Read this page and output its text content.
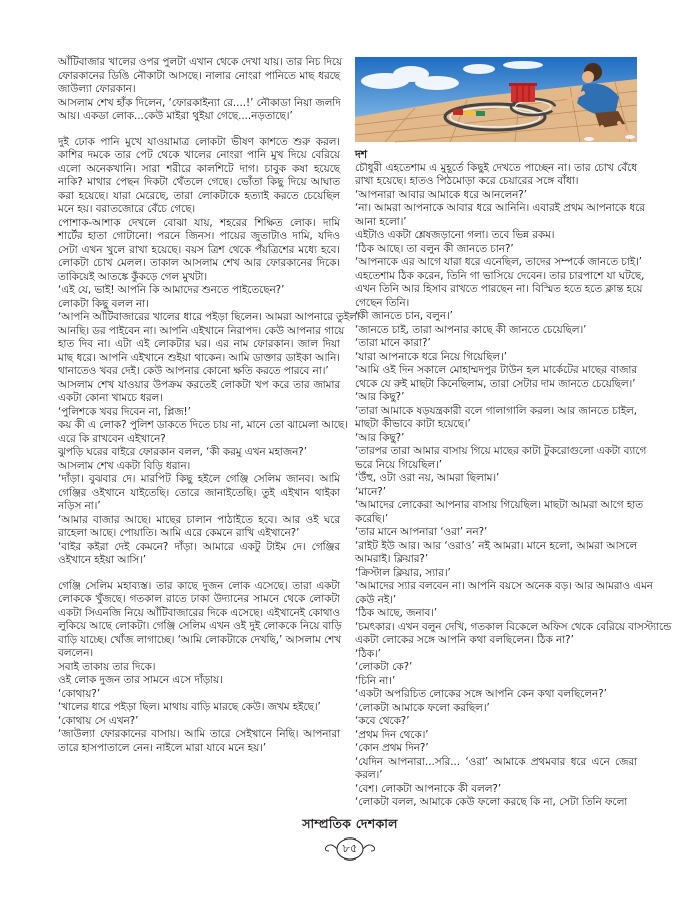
আঁটিবাজার খালের ওপর পুলটা এখান থেকে দেখা যায়। তার নিচ দিয়ে
ফোরকানের ডিঙি নৌকাটা আসছে। নালার নোংরা পানিতে মাছ ধরছে
জাউল্যা ফোরকান।
আসলাম শেখ হাঁক দিলেন, ‘ফোরকাইন্যা রে....!’ নৌকাডা নিয়া জলদি
আয়। একডা লোক...কেউ মাইরা থুইয়া গেছে....নড়তাছে।’
দুই ঢোক পানি মুখে যাওয়ামাত্র লোকটা ভীষণ কাশতে শুরু করল।
কাশির দমকে তার পেট থেকে খালের নোংরা পানি মুখ দিয়ে বেরিয়ে
এলো অনেকখানি। সারা শরীরে কালশিটে দাগ। চাবুক কষা হয়েছে
নাকি? মাথার পেছন দিকটা থেঁতলে গেছে। ভোঁতা কিছু দিয়ে আঘাত
করা হয়েছে। যারা মেরেছে, তারা লোকটাকে হত্যাই করতে চেয়েছিল
মনে হয়। বরাতজোরে বেঁচে গেছে।
পোশাক-আশাক দেখলে বোঝা যায়, শহরের শিক্ষিত লোক। দামি
শার্টের হাতা গোটানো। পরনে জিনস। পায়ের জুতাটাও দামি, যদিও
সেটা এখন খুলে রাখা হয়েছে। বয়স ত্রিশ থেকে পঁয়ত্রিশের মধ্যে হবে।
লোকটা চোখ মেলল। তাকাল আসলাম শেখ আর ফোরকানের দিকে।
তাকিয়েই আতঙ্কে কুঁকড়ে গেল মুখটা।
‘এই যে, ভাই! আপনি কি আমাদের শুনতে পাইতেছেন?’
লোকটা কিছু বলল না।
‘আপনি আঁটিবাজারের খালের ধারে পইড়া ছিলেন। আমরা আপনারে তুইলা
আনছি। ডর পাইবেন না। আপনি এইখানে নিরাপদ। কেউ আপনার গায়ে
হাত দিব না। এটা এই লোকটার ঘর। এর নাম ফোরকান। জাল দিয়া
মাছ ধরে। আপনি এইখানে শুইয়া থাকেন। আমি ডাক্তার ডাইকা আনি।
থানাতেও খবর দেই। কেউ আপনার কোনো ক্ষতি করতে পারবে না।’
আসলাম শেখ যাওয়ার উপক্রম করতেই লোকটা খপ করে তার জামার
একটা কোনা খামচে ধরল।
‘পুলিশকে খবর দিবেন না, প্লিজ!’
কয় কী এ লোক? পুলিশ ডাকতে দিতে চায় না, মানে তো ঝামেলা আছে।
এরে কি রাখবেন এইখানে?
ঝুপড়ি ঘরের বাইরে ফোরকান বলল, ‘কী করমু এখন মহাজন?’
আসলাম শেখ একটা বিড়ি ধরান।
‘দাঁড়া। বুঝবার দে। মারপিট কিছু হইলে গেঞ্জি সেলিম জানব। আমি
গেঞ্জির ওইখানে যাইতেছি। তোরে জানাইতেছি। তুই এইখান থাইকা
নড়িস না।’
‘আমার বাজার আছে। মাছের চালান পাঠাইতে হবে। আর ওই ঘরে
রাহেলা আছে। পোয়াতি। আমি এরে কেমনে রাখি এইখানে?’
‘বাইর কইরা দেই কেমনে? দাঁড়া। আমারে একটু টাইম দে। গেঞ্জির
ওইখানে হইয়া আসি।’
গেঞ্জি সেলিম মহাব্যস্ত। তার কাছে দুজন লোক এসেছে। তারা একটা
লোককে খুঁজছে। গতকাল রাতে ঢাকা উদ্যানের সামনে থেকে লোকটা
একটা সিএনজি নিয়ে আঁটিবাজারের দিকে এসেছে। এইখানেই কোথাও
লুকিয়ে আছে লোকটা। গেঞ্জি সেলিম এখন ওই দুই লোককে নিয়ে বাড়ি
বাড়ি যাচ্ছে। খোঁজ লাগাচ্ছে। ‘আমি লোকটাকে দেখছি,’ আসলাম শেখ
বললেন।
সবাই তাকায় তার দিকে।
ওই লোক দুজন তার সামনে এসে দাঁড়ায়।
‘কোথায়?’
‘খালের ধারে পইড়া ছিল। মাথায় বাড়ি মারছে কেউ। জখম হইছে।’
‘কোথায় সে এখন?’
‘জাউল্যা ফোরকানের বাসায়। আমি তারে সেইখানে নিছি। আপনারা
তারে হাসপাতালে নেন। নাইলে মারা যাবে মনে হয়।’
দশ
চৌধুরী এহতেশাম এ মুহূর্তে কিছুই দেখতে পাচ্ছেন না। তার চোখ বেঁধে
রাখা হয়েছে। হাতও পিঠমোড়া করে চেয়ারের সঙ্গে বাঁধা।
‘আপনারা আবার আমাকে ধরে আনলেন?’
‘না। আমরা আপনাকে আবার ধরে আনিনি। এবারই প্রথম আপনাকে ধরে
আনা হলো।’
এইটাও একটা শ্লেষজড়ানো গলা। তবে ভিন্ন রকম।
‘ঠিক আছে। তা বলুন কী জানতে চান?’
‘আপনাকে এর আগে যারা ধরে এনেছিল, তাদের সম্পর্কে জানতে চাই।’
এহতেশাম ঠিক করেন, তিনি গা ভাসিয়ে দেবেন। তার চারপাশে যা ঘটছে,
এখন তিনি আর হিসাব রাখতে পারছেন না। বিস্মিত হতে হতে ক্লান্ত হয়ে
গেছেন তিনি।
‘কী জানতে চান, বলুন।’
‘জানতে চাই, তারা আপনার কাছে কী জানতে চেয়েছিল।’
‘তারা মানে কারা?’
‘যারা আপনাকে ধরে নিয়ে গিয়েছিল।’
‘আমি ওই দিন সকালে মোহাম্মদপুর টাউন হল মার্কেটের মাছের বাজার
থেকে যে রুই মাছটা কিনেছিলাম, তারা সেটার দাম জানতে চেয়েছিল।’
‘আর কিছু?’
‘তারা আমাকে ষড়যন্ত্রকারী বলে গালাগালি করল। আর জানতে চাইল,
মাছটা কীভাবে কাটা হয়েছে।’
‘আর কিছু?’
‘তারপর তারা আমার বাসায় গিয়ে মাছের কাটা টুকরোগুলো একটা ব্যাগে
ভরে নিয়ে গিয়েছিল।’
‘উঁহু, ওটা ওরা নয়, আমরা ছিলাম।’
‘মানে?’
‘আমাদের লোকেরা আপনার বাসায় গিয়েছিল। মাছটা আমরা আগে হাত
করেছি।’
‘তার মানে আপনারা ‘ওরা’ নন?’
‘রাইট ইউ আর। আর ‘ওরাও’ নই আমরা। মানে হলো, আমরা আসলে
আমরাই। ক্লিয়ার?’
‘ক্রিস্টাল ক্লিয়ার, স্যার।’
‘আমাদের স্যার বলবেন না। আপনি বয়সে অনেক বড়। আর আমরাও এমন
কেউ নই।’
‘ঠিক আছে, জনাব।’
‘চমৎকার। এখন বলুন দেখি, গতকাল বিকেলে অফিস থেকে বেরিয়ে বাসস্ট্যান্ডে
একটা লোকের সঙ্গে আপনি কথা বলছিলেন। ঠিক না?’
‘ঠিক।’
‘লোকটা কে?’
‘চিনি না।’
‘একটা অপরিচিত লোকের সঙ্গে আপনি কেন কথা বলছিলেন?’
‘লোকটা আমাকে ফলো করছিল।’
‘কবে থেকে?’
‘প্রথম দিন থেকে।’
‘কোন প্রথম দিন?’
‘যেদিন আপনারা...সরি... ‘ওরা’ আমাকে প্রথমবার ধরে এনে জেরা
করল।’
‘বেশ। লোকটা আপনাকে কী বলল?’
‘লোকটা বলল, আমাকে কেউ ফলো করছে কি না, সেটা তিনি ফলো
সাম্প্রতিক দেশকাল
৮৫
